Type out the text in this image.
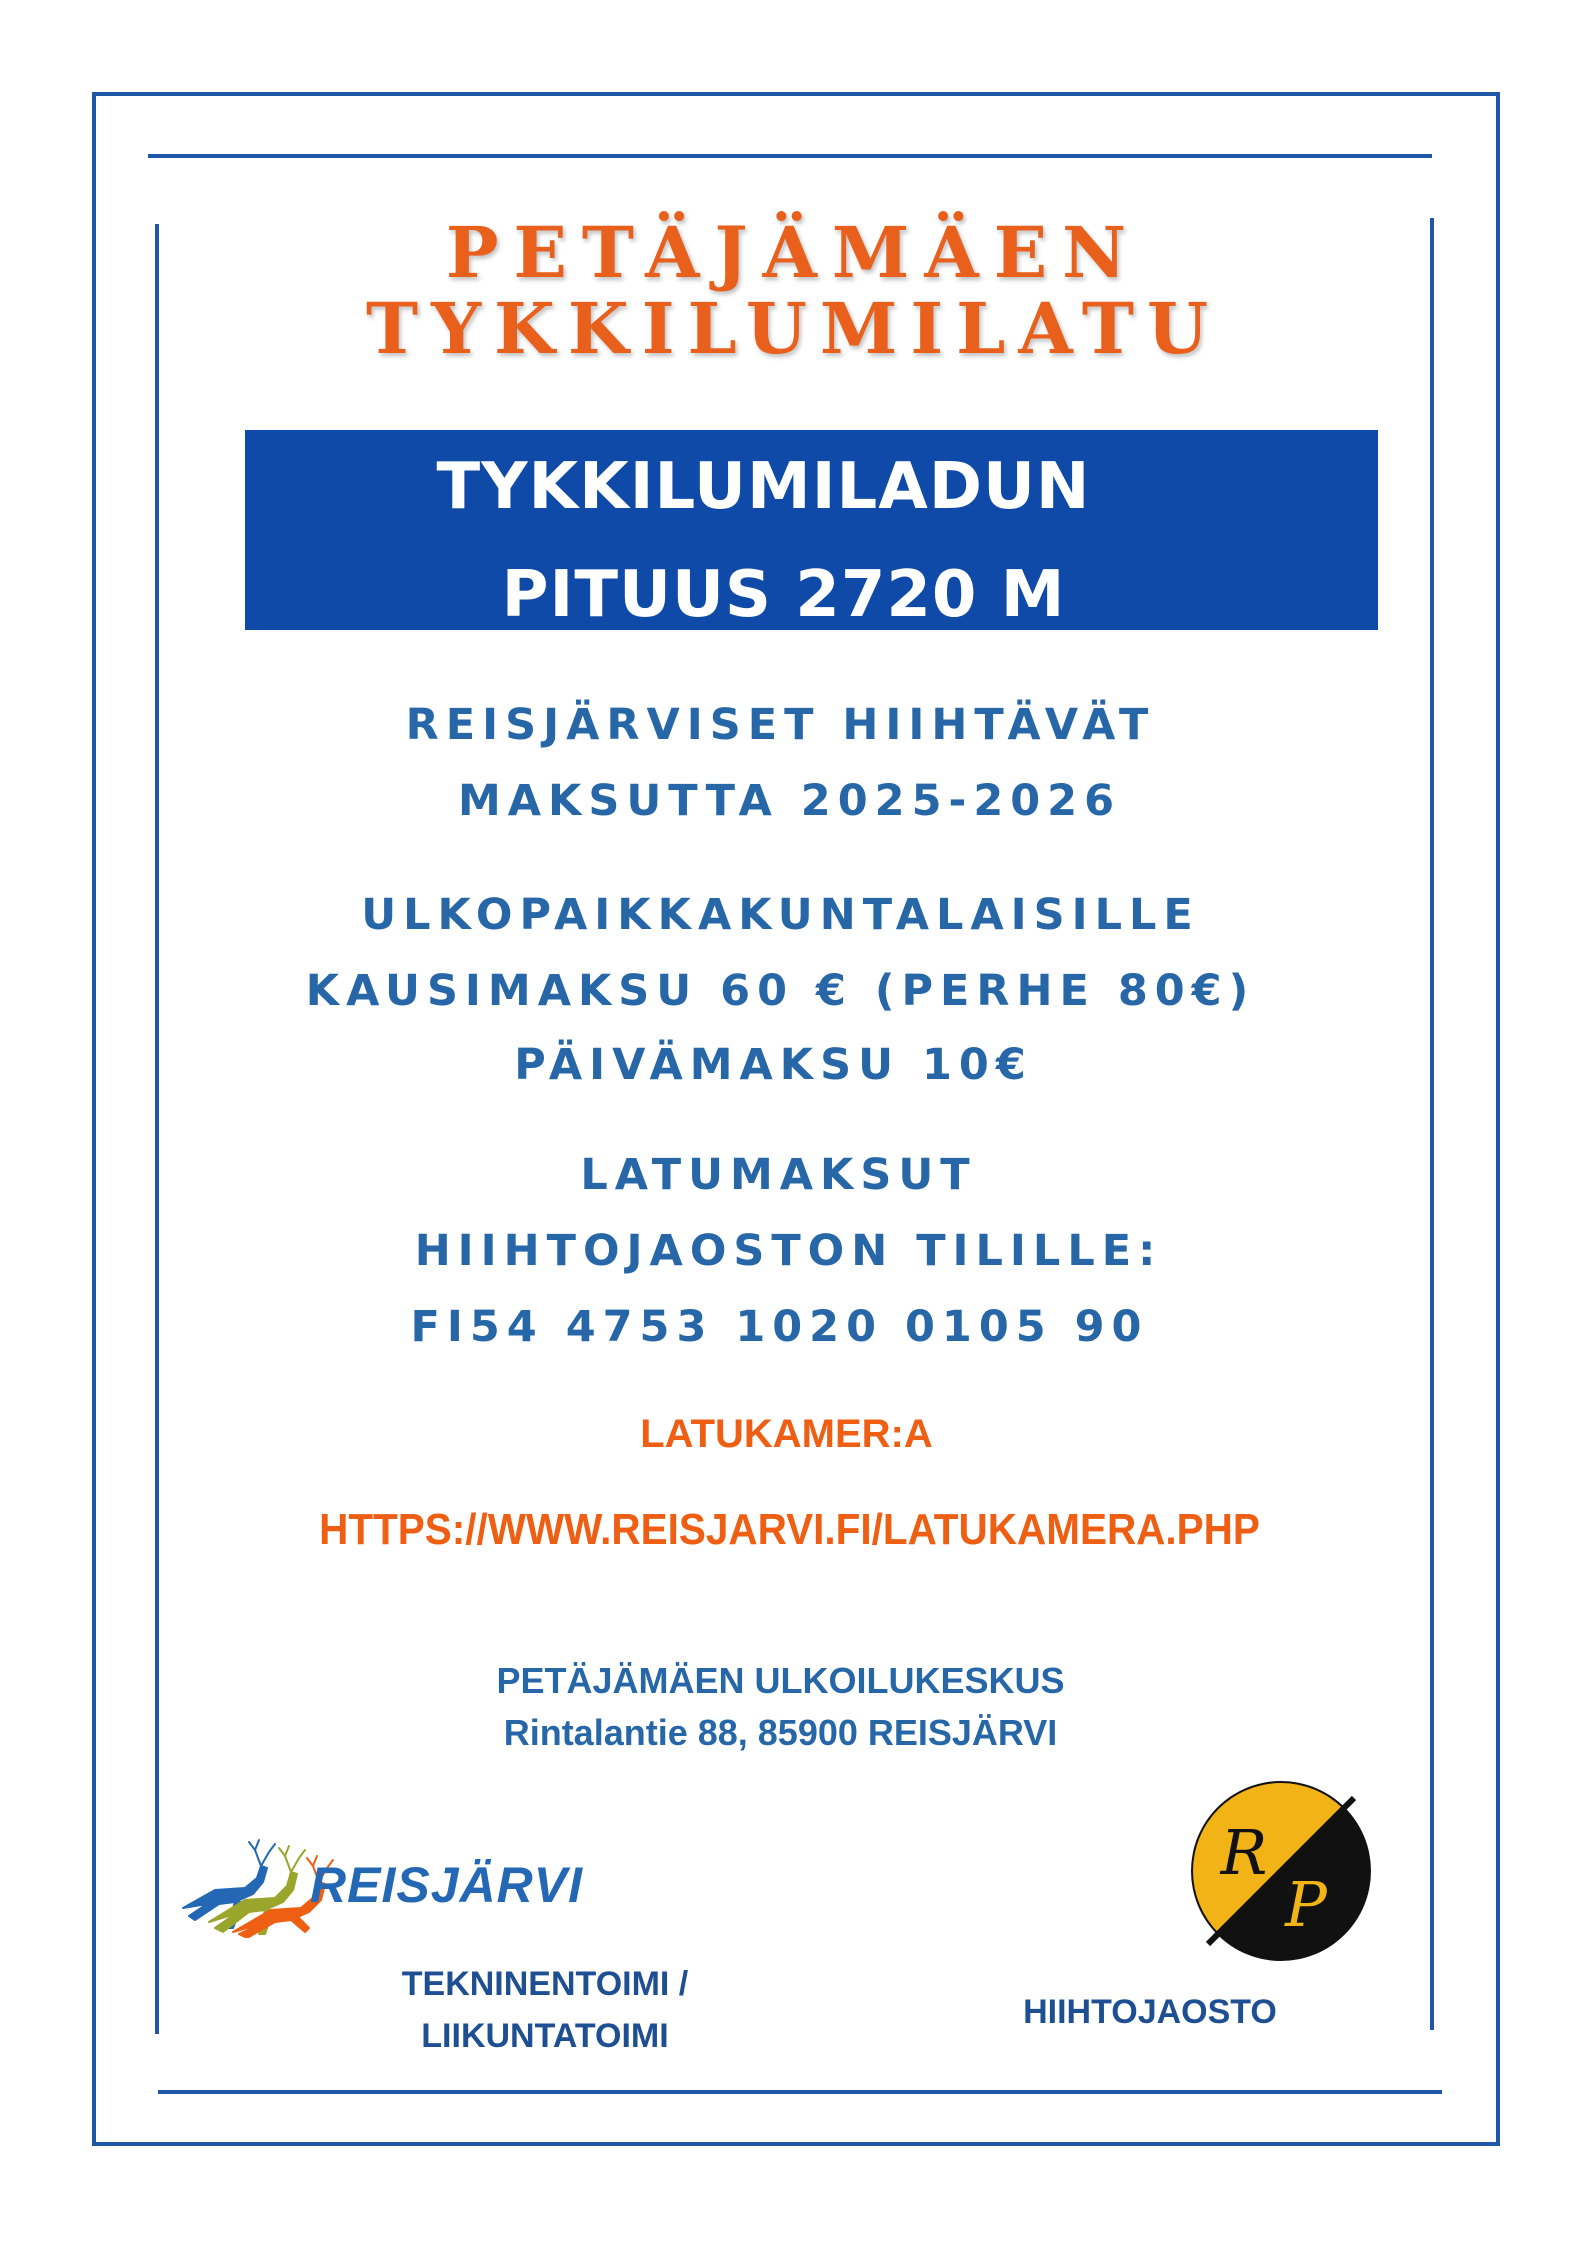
PETÄJÄMÄEN
TYKKILUMILATU
TYKKILUMILADUN
PITUUS 2720 M
REISJÄRVISET HIIHTÄVÄT
MAKSUTTA 2025-2026
ULKOPAIKKAKUNTALAISILLE
KAUSIMAKSU 60 € (PERHE 80€)
PÄIVÄMAKSU 10€
LATUMAKSUT
HIIHTOJAOSTON TILILLE:
FI54 4753 1020 0105 90
LATUKAMER:A
HTTPS://WWW.REISJARVI.FI/LATUKAMERA.PHP
PETÄJÄMÄEN ULKOILUKESKUS
Rintalantie 88, 85900 REISJÄRVI
REISJÄRVI
TEKNINENTOIMI /
LIIKUNTATOIMI
R
P
HIIHTOJAOSTO
